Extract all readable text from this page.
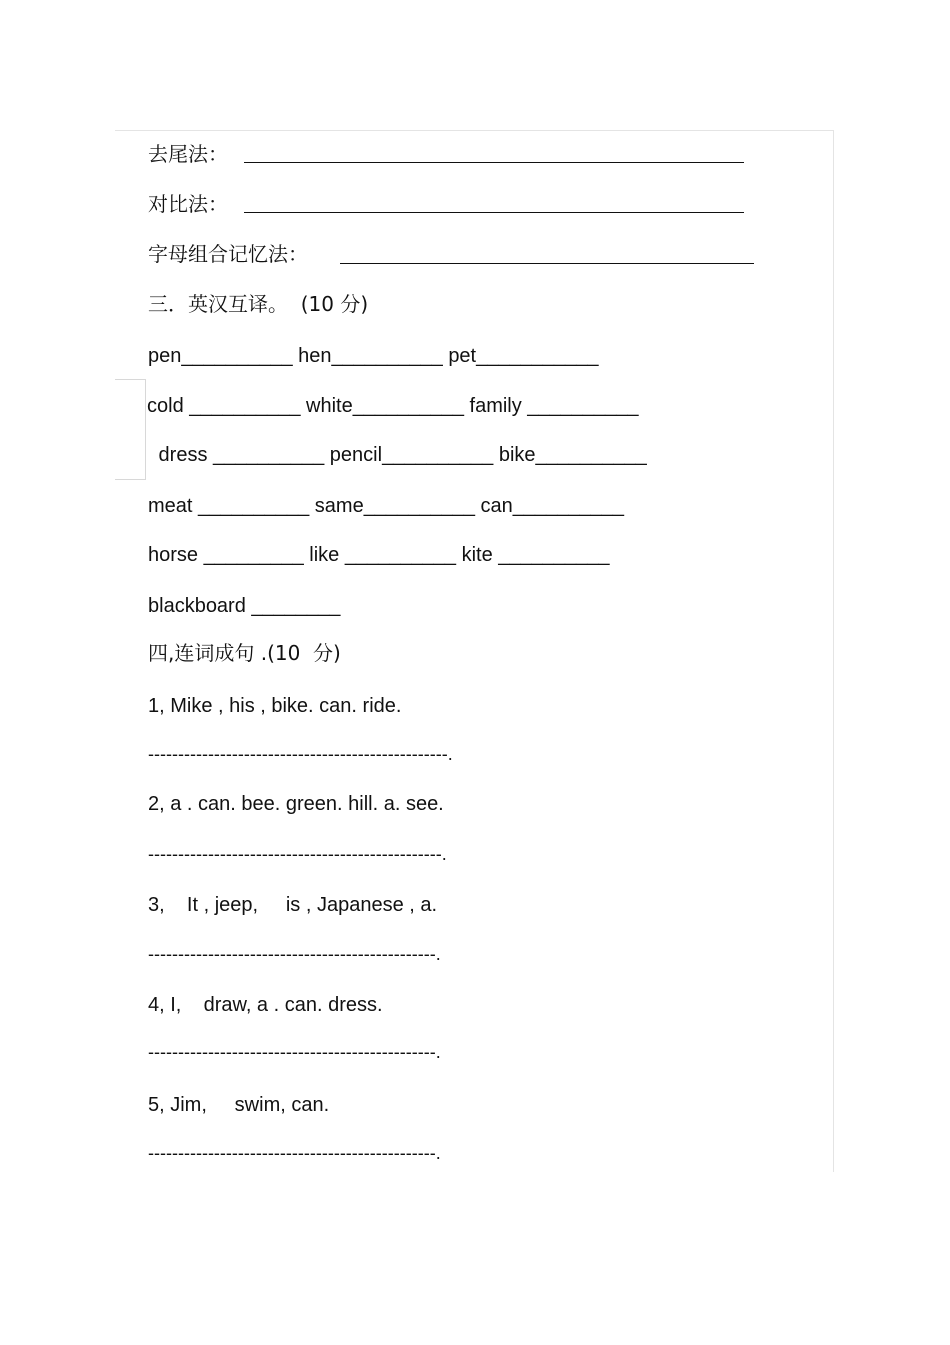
去尾法：
对比法：
字母组合记忆法：
三．英汉互译。  (10 分)
pen__________ hen__________ pet___________
cold __________ white__________ family __________
dress __________ pencil__________ bike__________
meat __________ same__________ can__________
horse _________ like __________ kite __________
blackboard ________
四,连词成句 .(10  分)
1, Mike , his , bike. can. ride.
--------------------------------------------------.
2, a . can. bee. green. hill. a. see.
-------------------------------------------------.
3,    It , jeep,     is , Japanese , a.
------------------------------------------------.
4, I,    draw, a . can. dress.
------------------------------------------------.
5, Jim,     swim, can.
------------------------------------------------.
